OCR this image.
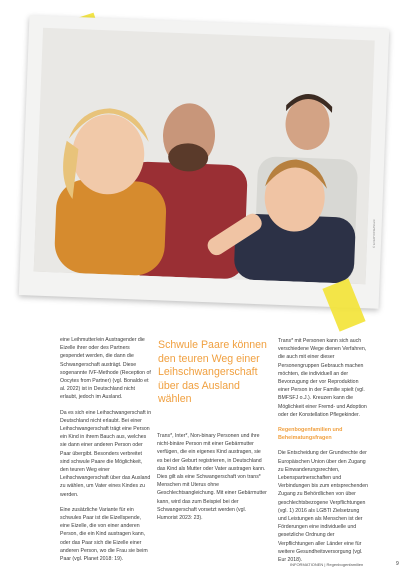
© EVERYONE/iStock

eine Leihmutter/ein Austragender die Eizelle ihrer oder des Partners gespendet werden, die dann die Schwangerschaft austrägt. Diese sogenannte IVF-Methode (Reception of Oocytes from Partner) (vgl. Bonaldo et al. 2022) ist in Deutschland nicht erlaubt, jedoch im Ausland.

Da es sich eine Leihschwangerschaft in Deutschland nicht erlaubt. Bei einer Leihschwangerschaft trägt eine Person ein Kind in ihrem Bauch aus, welches sie dann einer anderen Person oder Paar übergibt. Besonders verbreitet sind schwule Paare die Möglichkeit, den teuren Weg einer Leihschwangerschaft über das Ausland zu wählen, um Vater eines Kindes zu werden.

Eine zusätzliche Variante für ein schwules Paar ist die Eizellspende, eine Eizelle, die von einer anderen Person, die ein Kind austragen kann, oder das Paar sich die Eizelle einer anderen Person, wo die Frau sie beim Paar (vgl. Planet 2018: 19).

Schwule Paare können den teuren Weg einer Leihschwangerschaft über das Ausland wählen

Trans*, Inter*, Non-binary Personen und ihre nicht-binäre Person mit einer Gebärmutter verfügen, die ein eigenes Kind austragen, sie es bei der Geburt registrieren, in Deutschland das Kind als Mutter oder Vater austragen kann. Dies gilt als eine Schwangerschaft von trans* Menschen mit Uterus ohne Geschlechtsangleichung. Mit einer Gebärmutter kann, wird das zum Beispiel bei der Schwangerschaft vorsetzt werden (vgl. Humorist 2023: 23).

Trans* mit Personen kann sich auch verschiedene Wege dienen Verfahren, die auch mit einer dieser Personengruppen Gebrauch machen möchten, die individuell an der Bevorzugung der vor Reproduktion einer Person in der Familie spielt (vgl. BMFSFJ o.J.). Kreuzen kann die Möglichkeit einer Fremd- und Adoption oder der Konstellation Pflegekinder.

Regenbogenfamilien und Beheimatungsfragen

Die Entscheidung der Grundrechte der Europäischen Union über den Zugang zu Einwanderungsrechten, Lebenspartnerschaften und Verbindungen bis zum entsprechenden Zugang zu Behördlichen von über geschlechtsbezogene Verpflichtungen (vgl. 1) 2016 als LGBTI Zielsetzung und Leistungen als Menschen ist der Förderungen eine individuelle und gesetzliche Ordnung der Verpflichtungen aller Länder eine für weitere Gesundheitsversorgung (vgl. Eur 2018).

INFORMATIONEN | Regenbogenfamilien	9
